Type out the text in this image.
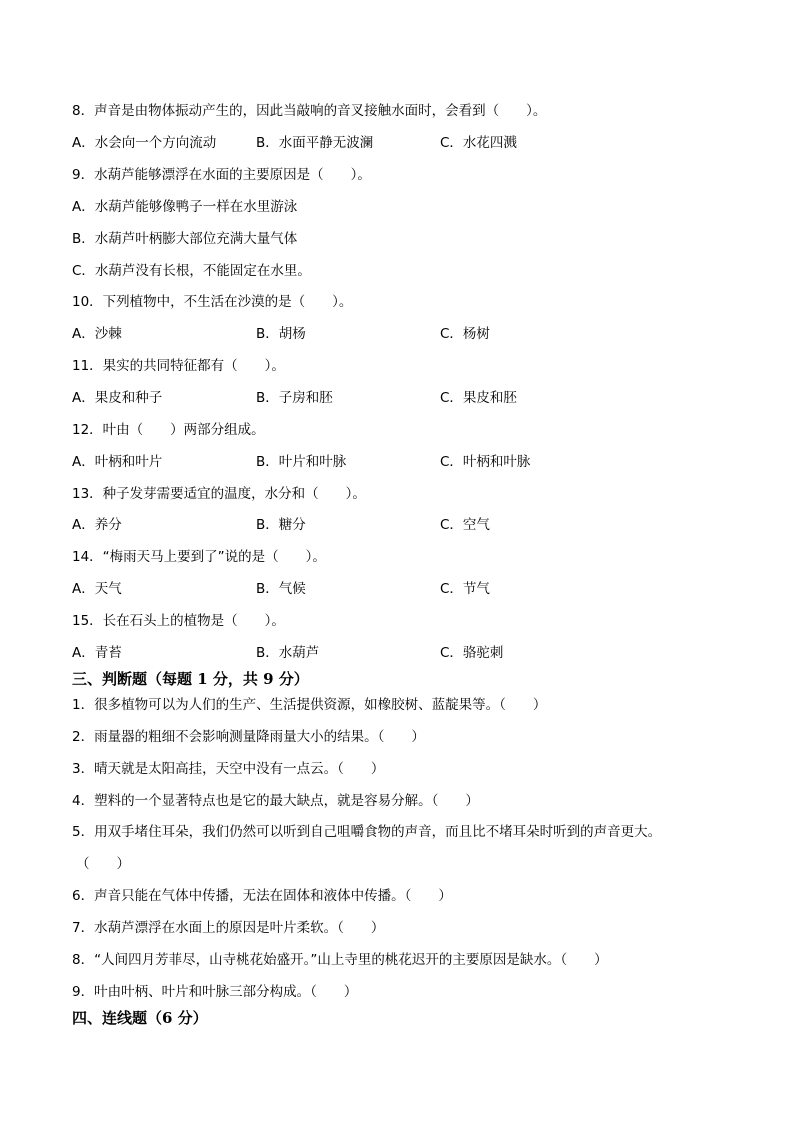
8．声音是由物体振动产生的，因此当敲响的音叉接触水面时，会看到（　　）。
A．水会向一个方向流动	B．水面平静无波澜	C．水花四溅
9．水葫芦能够漂浮在水面的主要原因是（　　）。
A．水葫芦能够像鸭子一样在水里游泳
B．水葫芦叶柄膨大部位充满大量气体
C．水葫芦没有长根，不能固定在水里。
10．下列植物中，不生活在沙漠的是（　　）。
A．沙棘	B．胡杨	C．杨树
11．果实的共同特征都有（　　）。
A．果皮和种子	B．子房和胚	C．果皮和胚
12．叶由（　　）两部分组成。
A．叶柄和叶片	B．叶片和叶脉	C．叶柄和叶脉
13．种子发芽需要适宜的温度，水分和（　　）。
A．养分	B．糖分	C．空气
14．“梅雨天马上要到了”说的是（　　）。
A．天气	B．气候	C．节气
15．长在石头上的植物是（　　）。
A．青苔	B．水葫芦	C．骆驼刺
三、判断题（每题 1 分，共 9 分）
1．很多植物可以为人们的生产、生活提供资源，如橡胶树、蓝靛果等。（　　）
2．雨量器的粗细不会影响测量降雨量大小的结果。（　　）
3．晴天就是太阳高挂，天空中没有一点云。（　　）
4．塑料的一个显著特点也是它的最大缺点，就是容易分解。（　　）
5．用双手堵住耳朵，我们仍然可以听到自己咀嚼食物的声音，而且比不堵耳朵时听到的声音更大。
（　　）
6．声音只能在气体中传播，无法在固体和液体中传播。（　　）
7．水葫芦漂浮在水面上的原因是叶片柔软。（　　）
8．“人间四月芳菲尽，山寺桃花始盛开。”山上寺里的桃花迟开的主要原因是缺水。（　　）
9．叶由叶柄、叶片和叶脉三部分构成。（　　）
四、连线题（6 分）
